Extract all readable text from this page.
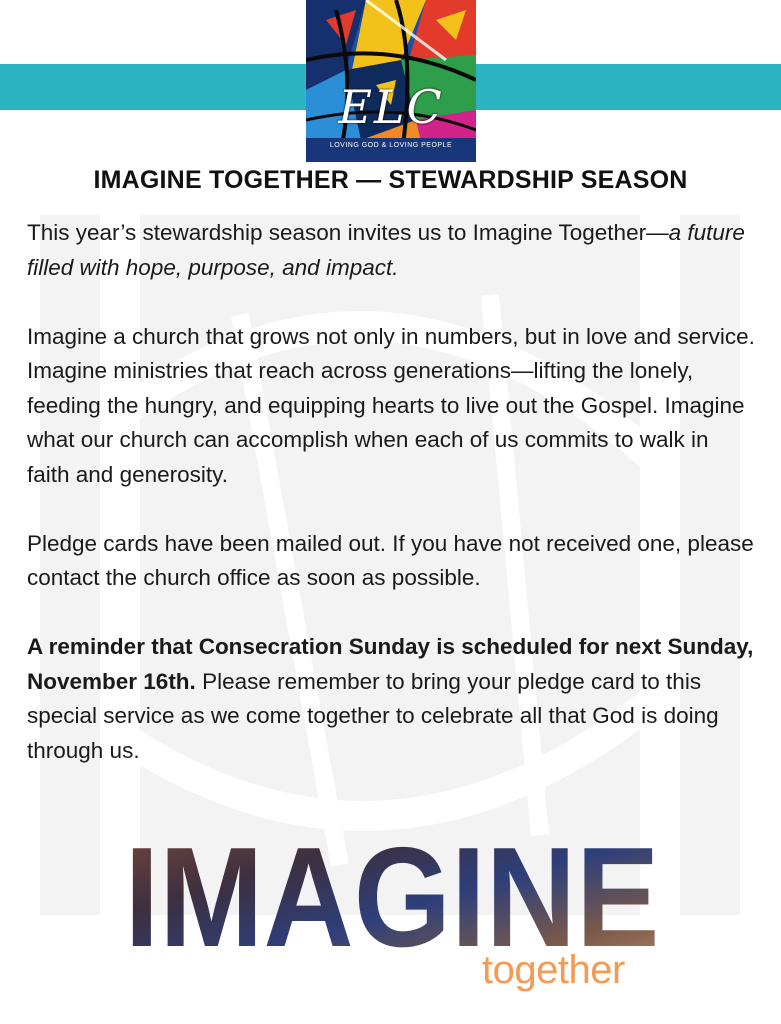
ELC
LOVING GOD & LOVING PEOPLE
IMAGINE TOGETHER — STEWARDSHIP SEASON

This year’s stewardship season invites us to Imagine Together—a future filled with hope, purpose, and impact.

Imagine a church that grows not only in numbers, but in love and service. Imagine ministries that reach across generations—lifting the lonely, feeding the hungry, and equipping hearts to live out the Gospel. Imagine what our church can accomplish when each of us commits to walk in faith and generosity.

Pledge cards have been mailed out. If you have not received one, please contact the church office as soon as possible.

A reminder that Consecration Sunday is scheduled for next Sunday, November 16th. Please remember to bring your pledge card to this special service as we come together to celebrate all that God is doing through us.

IMAGINE
together
